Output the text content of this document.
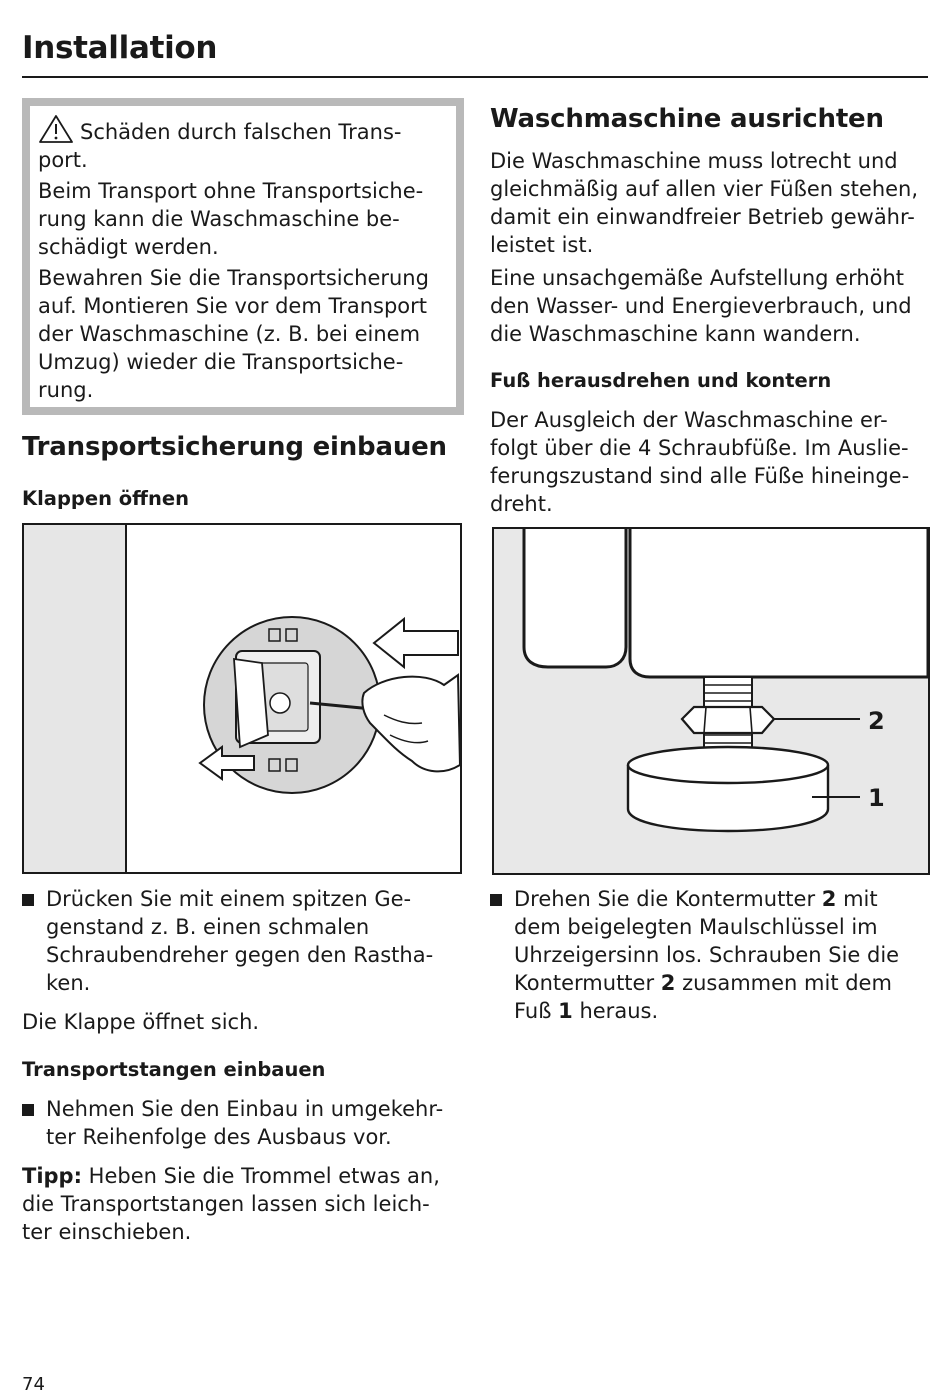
Installation

Schäden durch falschen Trans- port.

Beim Transport ohne Transportsiche- rung kann die Waschmaschine be- schädigt werden.

Bewahren Sie die Transportsicherung auf. Montieren Sie vor dem Transport der Waschmaschine (z. B. bei einem Umzug) wieder die Transportsiche- rung.

Transportsicherung einbauen
Klappen öffnen
Drücken Sie mit einem spitzen Ge- genstand z. B. einen schmalen Schraubendreher gegen den Rastha- ken.
Die Klappe öffnet sich.
Transportstangen einbauen
Nehmen Sie den Einbau in umgekehr- ter Reihenfolge des Ausbaus vor.
Tipp: Heben Sie die Trommel etwas an, die Transportstangen lassen sich leich- ter einschieben.
Waschmaschine ausrichten
Die Waschmaschine muss lotrecht und gleichmäßig auf allen vier Füßen stehen, damit ein einwandfreier Betrieb gewähr- leistet ist.
Eine unsachgemäße Aufstellung erhöht den Wasser- und Energieverbrauch, und die Waschmaschine kann wandern.
Fuß herausdrehen und kontern
Der Ausgleich der Waschmaschine er- folgt über die 4 Schraubfüße. Im Auslie- ferungszustand sind alle Füße hineinge- dreht.
2
1
Drehen Sie die Kontermutter 2 mit dem beigelegten Maulschlüssel im Uhrzeigersinn los. Schrauben Sie die Kontermutter 2 zusammen mit dem Fuß 1 heraus.
74
